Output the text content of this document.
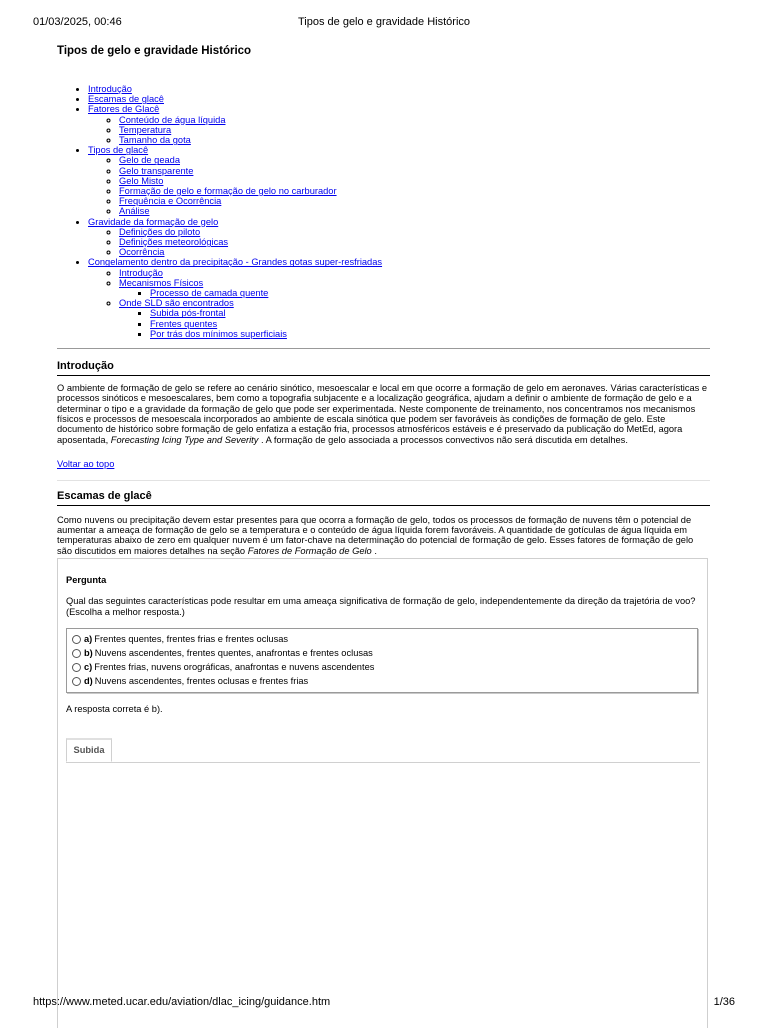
01/03/2025, 00:46	Tipos de gelo e gravidade Histórico
Tipos de gelo e gravidade Histórico
• Introdução
• Escamas de glacê
• Fatores de Glacê
◦ Conteúdo de água líquida
◦ Temperatura
◦ Tamanho da gota
• Tipos de glacê
◦ Gelo de geada
◦ Gelo transparente
◦ Gelo Misto
◦ Formação de gelo e formação de gelo no carburador
◦ Frequência e Ocorrência
◦ Análise
• Gravidade da formação de gelo
◦ Definições do piloto
◦ Definições meteorológicas
◦ Ocorrência
• Congelamento dentro da precipitação - Grandes gotas super-resfriadas
◦ Introdução
◦ Mecanismos Físicos
▪ Processo de camada quente
◦ Onde SLD são encontrados
▪ Subida pós-frontal
▪ Frentes quentes
▪ Por trás dos mínimos superficiais
Introdução

O ambiente de formação de gelo se refere ao cenário sinótico, mesoescalar e local em que ocorre a formação de gelo em aeronaves. Várias características e processos sinóticos e mesoescalares, bem como a topografia subjacente e a localização geográfica, ajudam a definir o ambiente de formação de gelo e a determinar o tipo e a gravidade da formação de gelo que pode ser experimentada. Neste componente de treinamento, nos concentramos nos mecanismos físicos e processos de mesoescala incorporados ao ambiente de escala sinótica que podem ser favoráveis às condições de formação de gelo. Este documento de histórico sobre formação de gelo enfatiza a estação fria, processos atmosféricos estáveis e é preservado da publicação do MetEd, agora aposentada, Forecasting Icing Type and Severity . A formação de gelo associada a processos convectivos não será discutida em detalhes.

Voltar ao topo
Escamas de glacê

Como nuvens ou precipitação devem estar presentes para que ocorra a formação de gelo, todos os processos de formação de nuvens têm o potencial de aumentar a ameaça de formação de gelo se a temperatura e o conteúdo de água líquida forem favoráveis. A quantidade de gotículas de água líquida em temperaturas abaixo de zero em qualquer nuvem é um fator-chave na determinação do potencial de formação de gelo. Esses fatores de formação de gelo são discutidos em maiores detalhes na seção Fatores de Formação de Gelo .

Pergunta

Qual das seguintes características pode resultar em uma ameaça significativa de formação de gelo, independentemente da direção da trajetória de voo? (Escolha a melhor resposta.)

a) Frentes quentes, frentes frias e frentes oclusas
b) Nuvens ascendentes, frentes quentes, anafrontas e frentes oclusas
c) Frentes frias, nuvens orográficas, anafrontas e nuvens ascendentes
d) Nuvens ascendentes, frentes oclusas e frentes frias

A resposta correta é b).

Subida
https://www.meted.ucar.edu/aviation/dlac_icing/guidance.htm	1/36
